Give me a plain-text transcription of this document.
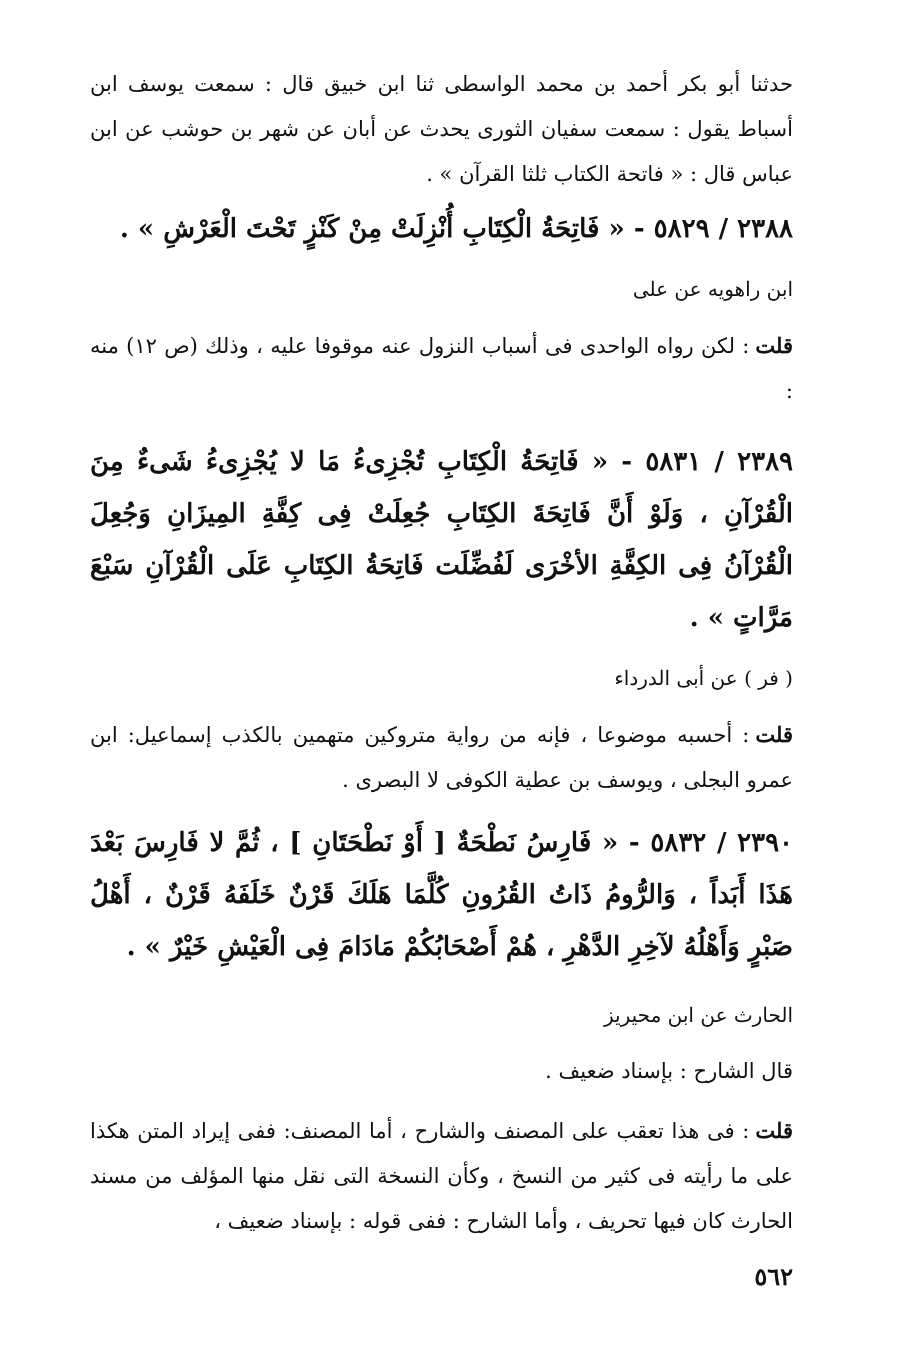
حدثنا أبو بكر أحمد بن محمد الواسطى ثنا ابن خبيق قال : سمعت يوسف ابن أسباط يقول : سمعت سفيان الثورى يحدث عن أبان عن شهر بن حوشب عن ابن عباس قال : « فاتحة الكتاب ثلثا القرآن » .

٢٣٨٨ / ٥٨٢٩ - « فَاتِحَةُ الْكِتَابِ أُنْزِلَتْ مِنْ كَنْزٍ تَحْتَ الْعَرْشِ » .

ابن راهويه عن على

قلت: لكن رواه الواحدى فى أسباب النزول عنه موقوفا عليه ، وذلك (ص ١٢) منه :

٢٣٨٩ / ٥٨٣١ - « فَاتِحَةُ الْكِتَابِ تُجْزِىءُ مَا لا يُجْزِىءُ شَىءٌ مِنَ الْقُرْآنِ ، وَلَوْ أَنَّ فَاتِحَةَ الكِتَابِ جُعِلَتْ فِى كِفَّةِ المِيزَانِ وَجُعِلَ الْقُرْآنُ فِى الكِفَّةِ الأخْرَى لَفُضِّلَت فَاتِحَةُ الكِتَابِ عَلَى الْقُرْآنِ سَبْعَ مَرَّاتٍ » .

( فر ) عن أبى الدرداء

قلت: أحسبه موضوعا ، فإنه من رواية متروكين متهمين بالكذب إسماعيل: ابن عمرو البجلى ، ويوسف بن عطية الكوفى لا البصرى .

٢٣٩٠ / ٥٨٣٢ - « فَارِسُ نَطْحَةٌ [ أَوْ نَطْحَتَانِ ] ، ثُمَّ لا فَارِسَ بَعْدَ هَذَا أَبَداً ، وَالرُّومُ ذَاتُ القُرُونِ كُلَّمَا هَلَكَ قَرْنٌ خَلَفَهُ قَرْنٌ ، أَهْلُ صَبْرٍ وَأَهْلُهُ لآخِرِ الدَّهْرِ ، هُمْ أَصْحَابُكُمْ مَادَامَ فِى الْعَيْشِ خَيْرٌ » .

الحارث عن ابن محيريز

قال الشارح : بإسناد ضعيف .

قلت: فى هذا تعقب على المصنف والشارح ، أما المصنف: ففى إيراد المتن هكذا على ما رأيته فى كثير من النسخ ، وكأن النسخة التى نقل منها المؤلف من مسند الحارث كان فيها تحريف ، وأما الشارح : ففى قوله : بإسناد ضعيف ،

٥٦٢
